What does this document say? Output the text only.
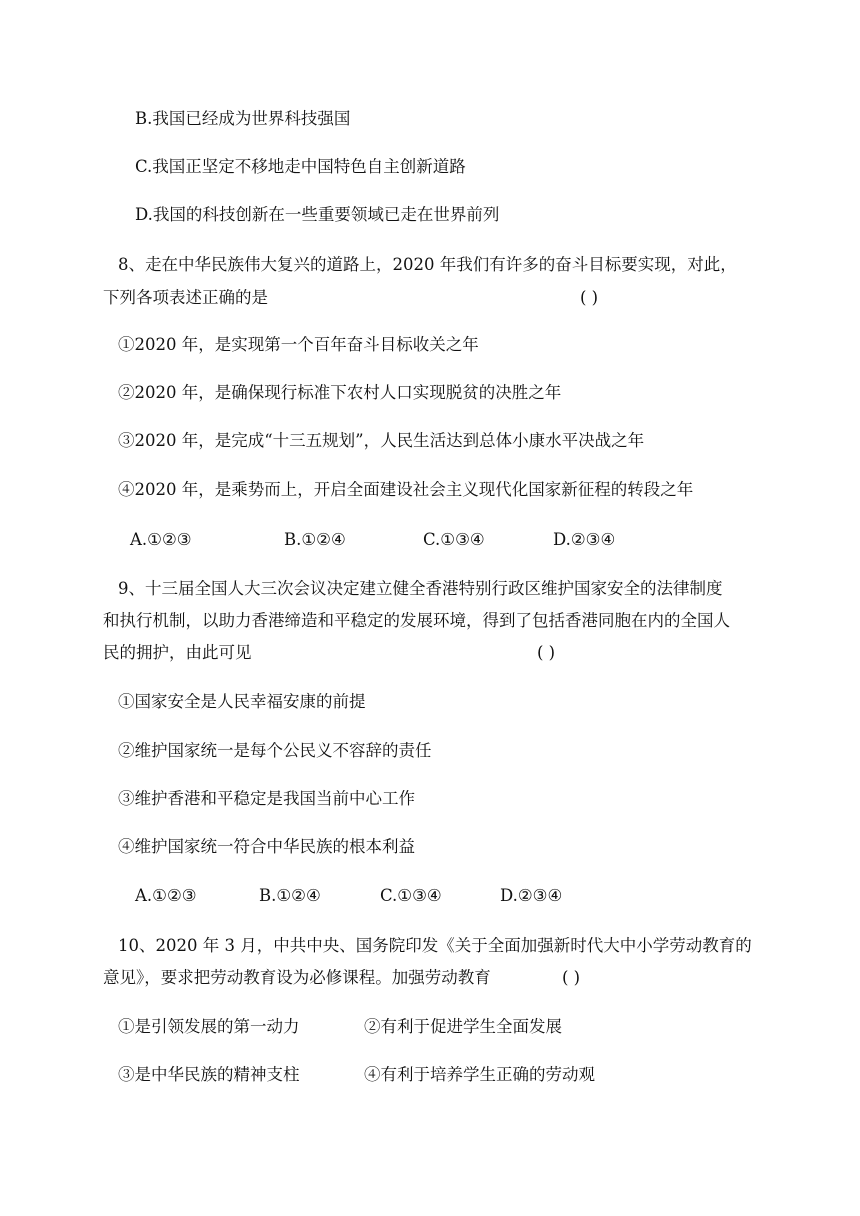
B.我国已经成为世界科技强国
C.我国正坚定不移地走中国特色自主创新道路
D.我国的科技创新在一些重要领域已走在世界前列
8、走在中华民族伟大复兴的道路上，2020 年我们有许多的奋斗目标要实现，对此，
下列各项表述正确的是	( )
①2020 年，是实现第一个百年奋斗目标收关之年
②2020 年，是确保现行标准下农村人口实现脱贫的决胜之年
③2020 年，是完成“十三五规划”，人民生活达到总体小康水平决战之年
④2020 年，是乘势而上，开启全面建设社会主义现代化国家新征程的转段之年
A.①②③	B.①②④	C.①③④	D.②③④
9、十三届全国人大三次会议决定建立健全香港特别行政区维护国家安全的法律制度
和执行机制，以助力香港缔造和平稳定的发展环境，得到了包括香港同胞在内的全国人
民的拥护，由此可见	( )
①国家安全是人民幸福安康的前提
②维护国家统一是每个公民义不容辞的责任
③维护香港和平稳定是我国当前中心工作
④维护国家统一符合中华民族的根本利益
A.①②③	B.①②④	C.①③④	D.②③④
10、2020 年 3 月，中共中央、国务院印发《关于全面加强新时代大中小学劳动教育的
意见》，要求把劳动教育设为必修课程。加强劳动教育	( )
①是引领发展的第一动力	②有利于促进学生全面发展
③是中华民族的精神支柱	④有利于培养学生正确的劳动观
